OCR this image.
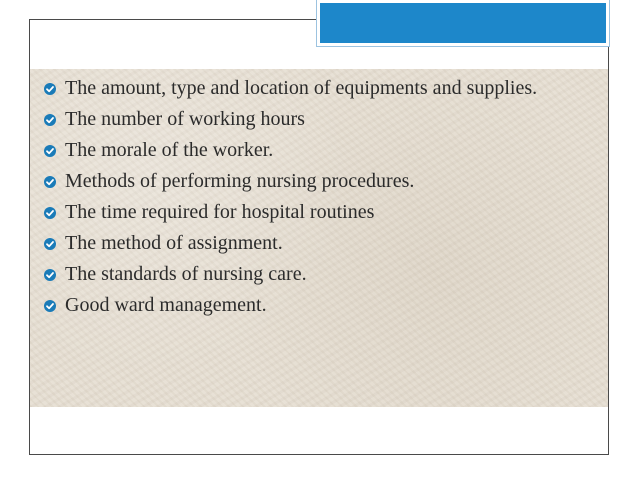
The amount, type and location of equipments and supplies.
The number of working hours
The morale of the worker.
Methods of performing nursing procedures.
The time required for hospital routines
The method of assignment.
The standards of nursing care.
Good ward management.
